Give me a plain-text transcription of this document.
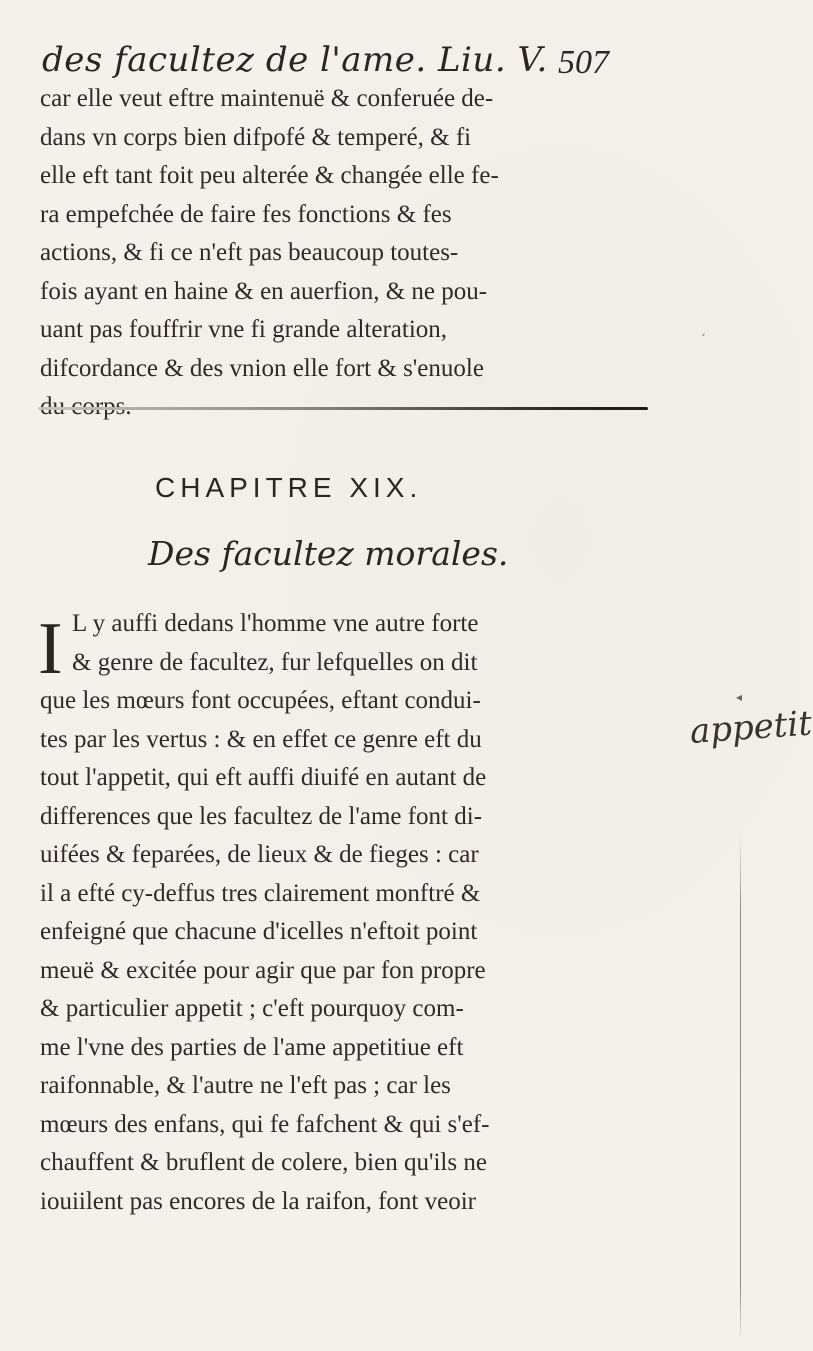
des facultez de l'ame. Liu. V. 507
car elle veut eftre maintenuë & conferuée de-
dans vn corps bien difpofé & temperé, & fi
elle eft tant foit peu alterée & changée elle fe-
ra empefchée de faire fes fonctions & fes
actions, & fi ce n'eft pas beaucoup toutes-
fois ayant en haine & en auerfion, & ne pou-
uant pas fouffrir vne fi grande alteration,
difcordance & des vnion elle fort & s'enuole
CHAPITRE XIX.
Des facultez morales.
I L y auffi dedans l'homme vne autre forte
& genre de facultez, fur lefquelles on dit
que les mœurs font occupées, eftant condui-
tes par les vertus : & en effet ce genre eft du
tout l'appetit, qui eft auffi diuifé en autant de
differences que les facultez de l'ame font di-
uifées & feparées, de lieux & de fieges : car
il a efté cy-deffus tres clairement monftré &
enfeigné que chacune d'icelles n'eftoit point
meuë & excitée pour agir que par fon propre
& particulier appetit ; c'eft pourquoy com-
me l'vne des parties de l'ame appetitiue eft
raifonnable, & l'autre ne l'eft pas ; car les
mœurs des enfans, qui fe fafchent & qui s'ef-
chauffent & bruflent de colere, bien qu'ils ne
iouiilent pas encores de la raifon, font veoir
appetit
◂
ˏ
